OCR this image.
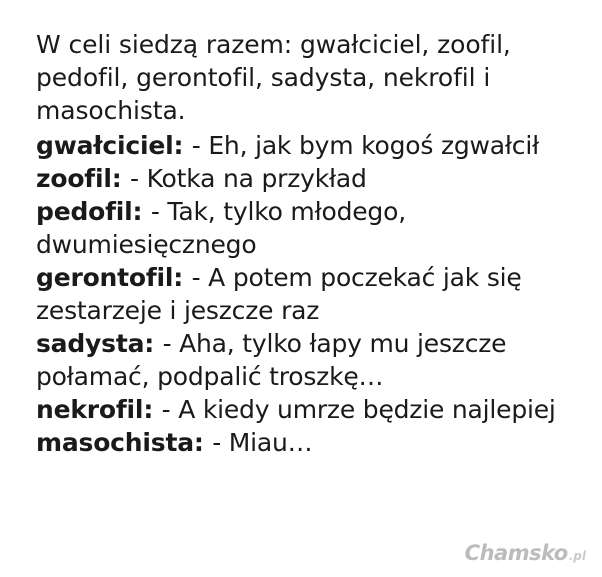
W celi siedzą razem: gwałciciel, zoofil, pedofil, gerontofil, sadysta, nekrofil i masochista.

gwałciciel: - Eh, jak bym kogoś zgwałcił

zoofil: - Kotka na przykład

pedofil: - Tak, tylko młodego, dwumiesięcznego

gerontofil: - A potem poczekać jak się zestarzeje i jeszcze raz

sadysta: - Aha, tylko łapy mu jeszcze połamać, podpalić troszkę…

nekrofil: - A kiedy umrze będzie najlepiej

masochista: - Miau…

Chamsko .pl
